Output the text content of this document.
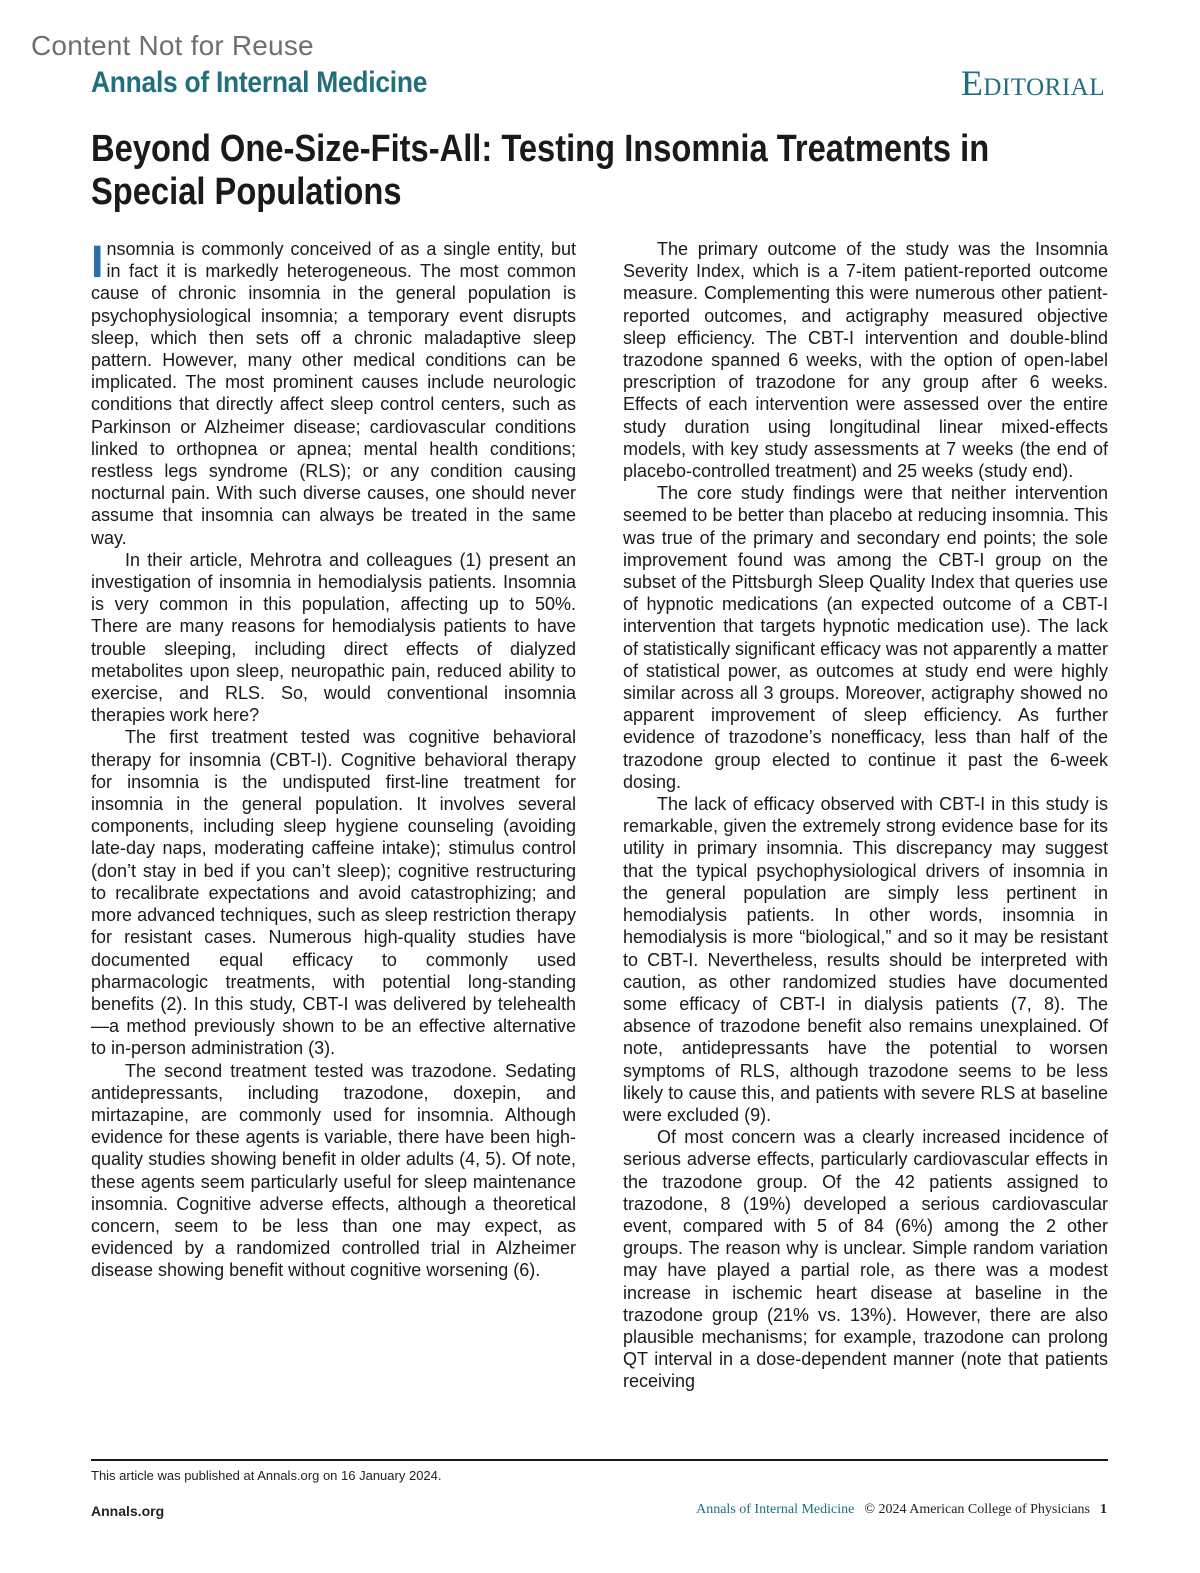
Content Not for Reuse
Annals of Internal Medicine	Editorial
Beyond One-Size-Fits-All: Testing Insomnia Treatments in Special Populations

Insomnia is commonly conceived of as a single entity, but in fact it is markedly heterogeneous. The most common cause of chronic insomnia in the general population is psychophysiological insomnia; a temporary event disrupts sleep, which then sets off a chronic maladaptive sleep pattern. However, many other medical conditions can be implicated. The most prominent causes include neurologic conditions that directly affect sleep control centers, such as Parkinson or Alzheimer disease; cardiovascular conditions linked to orthopnea or apnea; mental health conditions; restless legs syndrome (RLS); or any condition causing nocturnal pain. With such diverse causes, one should never assume that insomnia can always be treated in the same way.

In their article, Mehrotra and colleagues (1) present an investigation of insomnia in hemodialysis patients. Insomnia is very common in this population, affecting up to 50%. There are many reasons for hemodialysis patients to have trouble sleeping, including direct effects of dialyzed metabolites upon sleep, neuropathic pain, reduced ability to exercise, and RLS. So, would conventional insomnia therapies work here?

The first treatment tested was cognitive behavioral therapy for insomnia (CBT-I). Cognitive behavioral therapy for insomnia is the undisputed first-line treatment for insomnia in the general population. It involves several components, including sleep hygiene counseling (avoiding late-day naps, moderating caffeine intake); stimulus control (don’t stay in bed if you can’t sleep); cognitive restructuring to recalibrate expectations and avoid catastrophizing; and more advanced techniques, such as sleep restriction therapy for resistant cases. Numerous high-quality studies have documented equal efficacy to commonly used pharmacologic treatments, with potential long-standing benefits (2). In this study, CBT-I was delivered by telehealth—a method previously shown to be an effective alternative to in-person administration (3).

The second treatment tested was trazodone. Sedating antidepressants, including trazodone, doxepin, and mirtazapine, are commonly used for insomnia. Although evidence for these agents is variable, there have been high-quality studies showing benefit in older adults (4, 5). Of note, these agents seem particularly useful for sleep maintenance insomnia. Cognitive adverse effects, although a theoretical concern, seem to be less than one may expect, as evidenced by a randomized controlled trial in Alzheimer disease showing benefit without cognitive worsening (6).

The primary outcome of the study was the Insomnia Severity Index, which is a 7-item patient-reported outcome measure. Complementing this were numerous other patient-reported outcomes, and actigraphy measured objective sleep efficiency. The CBT-I intervention and double-blind trazodone spanned 6 weeks, with the option of open-label prescription of trazodone for any group after 6 weeks. Effects of each intervention were assessed over the entire study duration using longitudinal linear mixed-effects models, with key study assessments at 7 weeks (the end of placebo-controlled treatment) and 25 weeks (study end).

The core study findings were that neither intervention seemed to be better than placebo at reducing insomnia. This was true of the primary and secondary end points; the sole improvement found was among the CBT-I group on the subset of the Pittsburgh Sleep Quality Index that queries use of hypnotic medications (an expected outcome of a CBT-I intervention that targets hypnotic medication use). The lack of statistically significant efficacy was not apparently a matter of statistical power, as outcomes at study end were highly similar across all 3 groups. Moreover, actigraphy showed no apparent improvement of sleep efficiency. As further evidence of trazodone’s nonefficacy, less than half of the trazodone group elected to continue it past the 6-week dosing.

The lack of efficacy observed with CBT-I in this study is remarkable, given the extremely strong evidence base for its utility in primary insomnia. This discrepancy may suggest that the typical psychophysiological drivers of insomnia in the general population are simply less pertinent in hemodialysis patients. In other words, insomnia in hemodialysis is more “biological,” and so it may be resistant to CBT-I. Nevertheless, results should be interpreted with caution, as other randomized studies have documented some efficacy of CBT-I in dialysis patients (7, 8). The absence of trazodone benefit also remains unexplained. Of note, antidepressants have the potential to worsen symptoms of RLS, although trazodone seems to be less likely to cause this, and patients with severe RLS at baseline were excluded (9).

Of most concern was a clearly increased incidence of serious adverse effects, particularly cardiovascular effects in the trazodone group. Of the 42 patients assigned to trazodone, 8 (19%) developed a serious cardiovascular event, compared with 5 of 84 (6%) among the 2 other groups. The reason why is unclear. Simple random variation may have played a partial role, as there was a modest increase in ischemic heart disease at baseline in the trazodone group (21% vs. 13%). However, there are also plausible mechanisms; for example, trazodone can prolong QT interval in a dose-dependent manner (note that patients receiving

This article was published at Annals.org on 16 January 2024.
Annals.org	Annals of Internal Medicine © 2024 American College of Physicians 1
